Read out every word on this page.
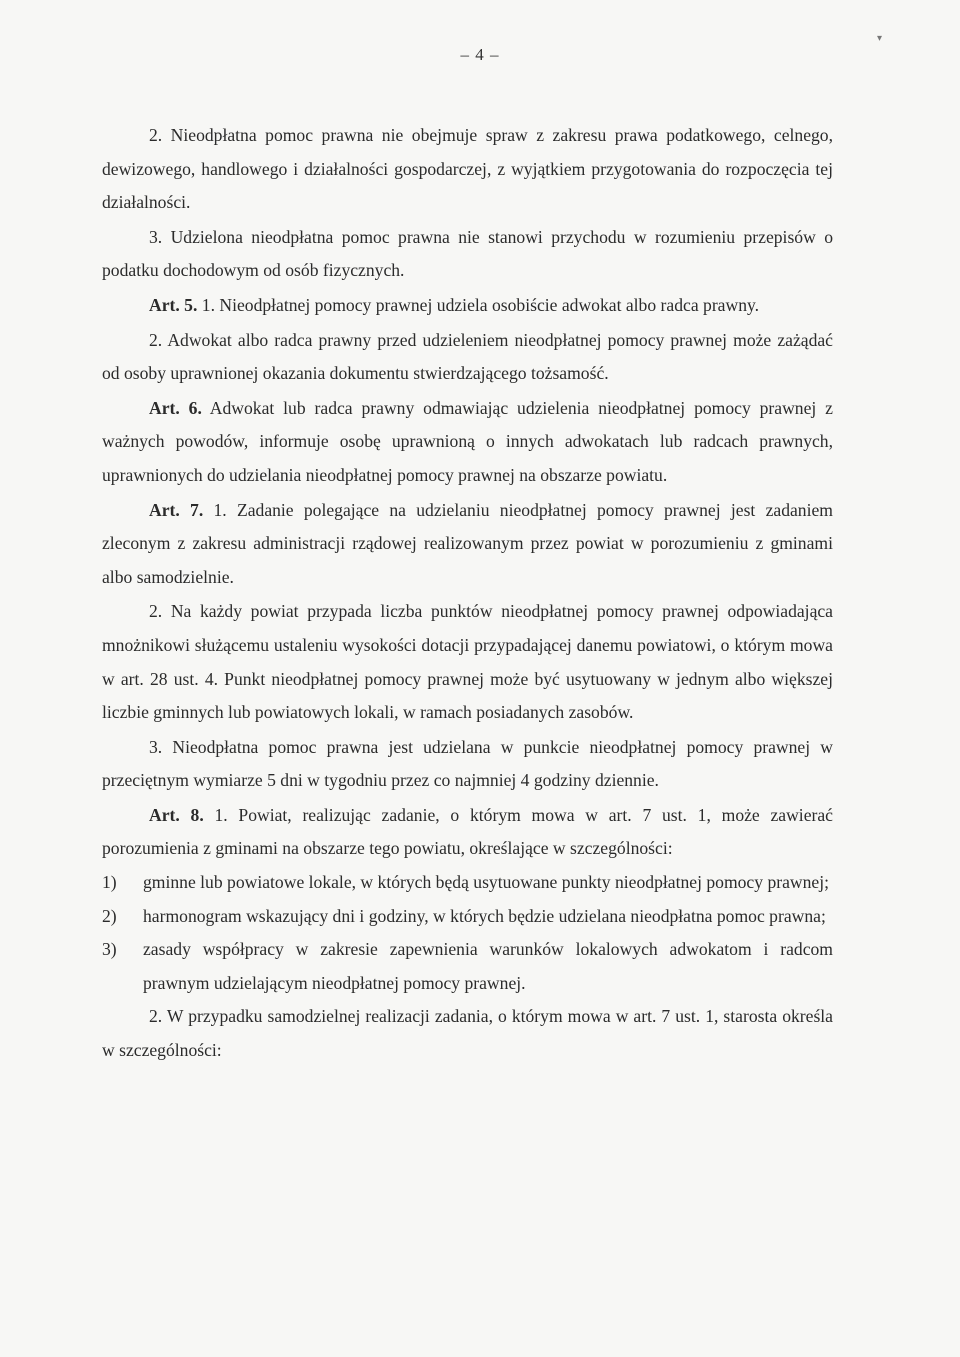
– 4 –
▾

2. Nieodpłatna pomoc prawna nie obejmuje spraw z zakresu prawa podatkowego, celnego, dewizowego, handlowego i działalności gospodarczej, z wyjątkiem przygotowania do rozpoczęcia tej działalności.

3. Udzielona nieodpłatna pomoc prawna nie stanowi przychodu w rozumieniu przepisów o podatku dochodowym od osób fizycznych.

Art. 5. 1. Nieodpłatnej pomocy prawnej udziela osobiście adwokat albo radca prawny.

2. Adwokat albo radca prawny przed udzieleniem nieodpłatnej pomocy prawnej może zażądać od osoby uprawnionej okazania dokumentu stwierdzającego tożsamość.

Art. 6. Adwokat lub radca prawny odmawiając udzielenia nieodpłatnej pomocy prawnej z ważnych powodów, informuje osobę uprawnioną o innych adwokatach lub radcach prawnych, uprawnionych do udzielania nieodpłatnej pomocy prawnej na obszarze powiatu.

Art. 7. 1. Zadanie polegające na udzielaniu nieodpłatnej pomocy prawnej jest zadaniem zleconym z zakresu administracji rządowej realizowanym przez powiat w porozumieniu z gminami albo samodzielnie.

2. Na każdy powiat przypada liczba punktów nieodpłatnej pomocy prawnej odpowiadająca mnożnikowi służącemu ustaleniu wysokości dotacji przypadającej danemu powiatowi, o którym mowa w art. 28 ust. 4. Punkt nieodpłatnej pomocy prawnej może być usytuowany w jednym albo większej liczbie gminnych lub powiatowych lokali, w ramach posiadanych zasobów.

3. Nieodpłatna pomoc prawna jest udzielana w punkcie nieodpłatnej pomocy prawnej w przeciętnym wymiarze 5 dni w tygodniu przez co najmniej 4 godziny dziennie.

Art. 8. 1. Powiat, realizując zadanie, o którym mowa w art. 7 ust. 1, może zawierać porozumienia z gminami na obszarze tego powiatu, określające w szczególności:

1)	gminne lub powiatowe lokale, w których będą usytuowane punkty nieodpłatnej pomocy prawnej;
2)	harmonogram wskazujący dni i godziny, w których będzie udzielana nieodpłatna pomoc prawna;
3)	zasady współpracy w zakresie zapewnienia warunków lokalowych adwokatom i radcom prawnym udzielającym nieodpłatnej pomocy prawnej.

2. W przypadku samodzielnej realizacji zadania, o którym mowa w art. 7 ust. 1, starosta określa w szczególności:
